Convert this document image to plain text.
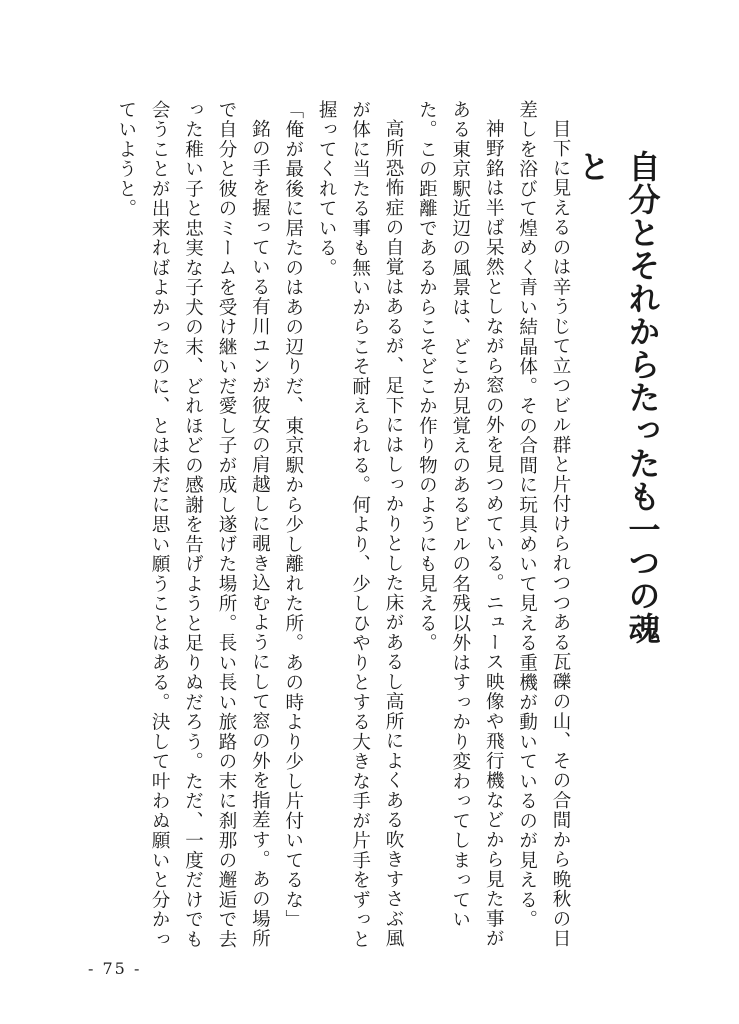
自分とそれからたったも一つの魂と

目下に見えるのは辛うじて立つビル群と片付けられつつある瓦礫の山、その合間から晩秋の日差しを浴びて煌めく青い結晶体。その合間に玩具めいて見える重機が動いているのが見える。

神野銘は半ば呆然としながら窓の外を見つめている。ニュース映像や飛行機などから見た事がある東京駅近辺の風景は、どこか見覚えのあるビルの名残以外はすっかり変わってしまっていた。この距離であるからこそどこか作り物のようにも見える。

高所恐怖症の自覚はあるが、足下にはしっかりとした床があるし高所によくある吹きすさぶ風が体に当たる事も無いからこそ耐えられる。何より、少しひやりとする大きな手が片手をずっと握ってくれている。

「俺が最後に居たのはあの辺りだ、東京駅から少し離れた所。あの時より少し片付いてるな」

銘の手を握っている有川ユンが彼女の肩越しに覗き込むようにして窓の外を指差す。あの場所で自分と彼のミームを受け継いだ愛し子が成し遂げた場所。長い長い旅路の末に刹那の邂逅で去った稚い子と忠実な子犬の末、どれほどの感謝を告げようと足りぬだろう。ただ、一度だけでも会うことが出来ればよかったのに、とは未だに思い願うことはある。決して叶わぬ願いと分かっていようと。

- 75 -
